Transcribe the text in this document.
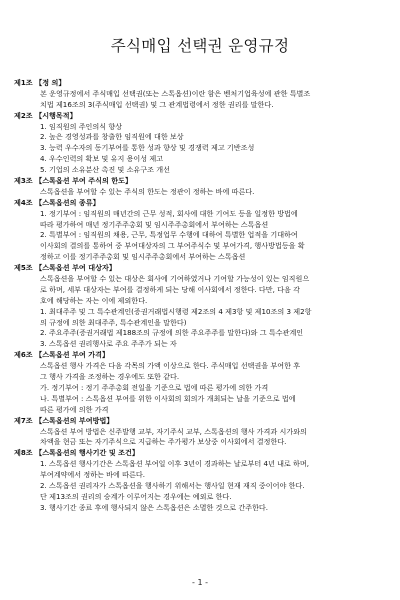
주식매입 선택권 운영규정
제1조 【정 의】
본 운영규정에서 주식매입 선택권(또는 스톡옵션)이란 함은 벤처기업육성에 관한 특별조
치법 제16조의 3(주식매입 선택권) 및 그 관계법령에서 정한 권리를 말한다.
제2조 【시행목적】
1. 임직원의 주인의식 향상
2. 높은 경영성과를 창출한 임직원에 대한 보상
3. 능력 우수자의 동기부여를 통한 성과 향상 및 경쟁력 제고 기반조성
4. 우수인력의 확보 및 유지 용이성 제고
5. 기업의 소유분산 촉진 및 소유구조 개선
제3조 【스톡옵션 부여 주식의 한도】
스톡옵션을 부여할 수 있는 주식의 한도는 정관이 정하는 바에 따른다.
제4조 【스톡옵션의 종류】
1. 정기부여 : 임직원의 매년간의 근무 성적, 회사에 대한 기여도 등을 일정한 방법에
따라 평가하여 매년 정기주주총회 및 임시주주총회에서 부여하는 스톡옵션
2. 특별부여 : 임직원의 채용, 근무, 특정업무 수행에 대하여 특별한 업적을 기대하여
이사회의 결의를 통하여 중 부여대상자의 그 부여주식수 및 부여가격, 행사방법등을 확
정하고 이를 정기주주총회 및 임시주주총회에서 부여하는 스톡옵션
제5조 【스톡옵션 부여 대상자】
스톡옵션을 부여할 수 있는 대상은 회사에 기여하였거나 기여할 가능성이 있는 임직원으
로 하며, 세부 대상자는 부여를 결정하게 되는 당해 이사회에서 정한다. 다만, 다음 각
호에 해당하는 자는 이에 제외한다.
1. 최대주주 및 그 특수관계인(증권거래법시행령 제2조의 4 제3항 및 제10조의 3 제2항
의 규정에 의한 최대주주, 특수관계인을 말한다)
2. 주요주주(증권거래법 제188조의 규정에 의한 주요주주를 말한다)와 그 특수관계인
3. 스톡옵션 권리행사로 주요 주주가 되는 자
제6조 【스톡옵션 부여 가격】
스톡옵션 행사 가격은 다음 각목의 가액 이상으로 한다. 주식매입 선택권을 부여한 후
그 행사 가격을 조정하는 경우에도 또한 같다.
가. 정기부여 : 정기 주주총회 전일을 기준으로 법에 따른 평가에 의한 가격
나. 특별부여 : 스톡옵션 부여를 위한 이사회의 회의가 개최되는 날을 기준으로 법에
따른 평가에 의한 가격
제7조 【스톡옵션의 부여방법】
스톡옵션 부여 방법은 신주발행 교부, 자기주식 교부, 스톡옵션의 행사 가격과 시가와의
차액을 현금 또는 자기주식으로 지급하는 주가평가 보상중 이사회에서 결정한다.
제8조 【스톡옵션의 행사기간 및 조건】
1. 스톡옵션 행사기간은 스톡옵션 부여일 이후 3년이 경과하는 날로부터 4년 내로 하며,
부여계약에서 정하는 바에 따른다.
2. 스톡옵션 권리자가 스톡옵션을 행사하기 위해서는 행사일 현재 재직 중이어야 한다.
단 제13조의 권리의 승계가 이루어지는 경우에는 예외로 한다.
3. 행사기간 종료 후에 행사되지 않은 스톡옵션은 소멸한 것으로 간주한다.
- 1 -
